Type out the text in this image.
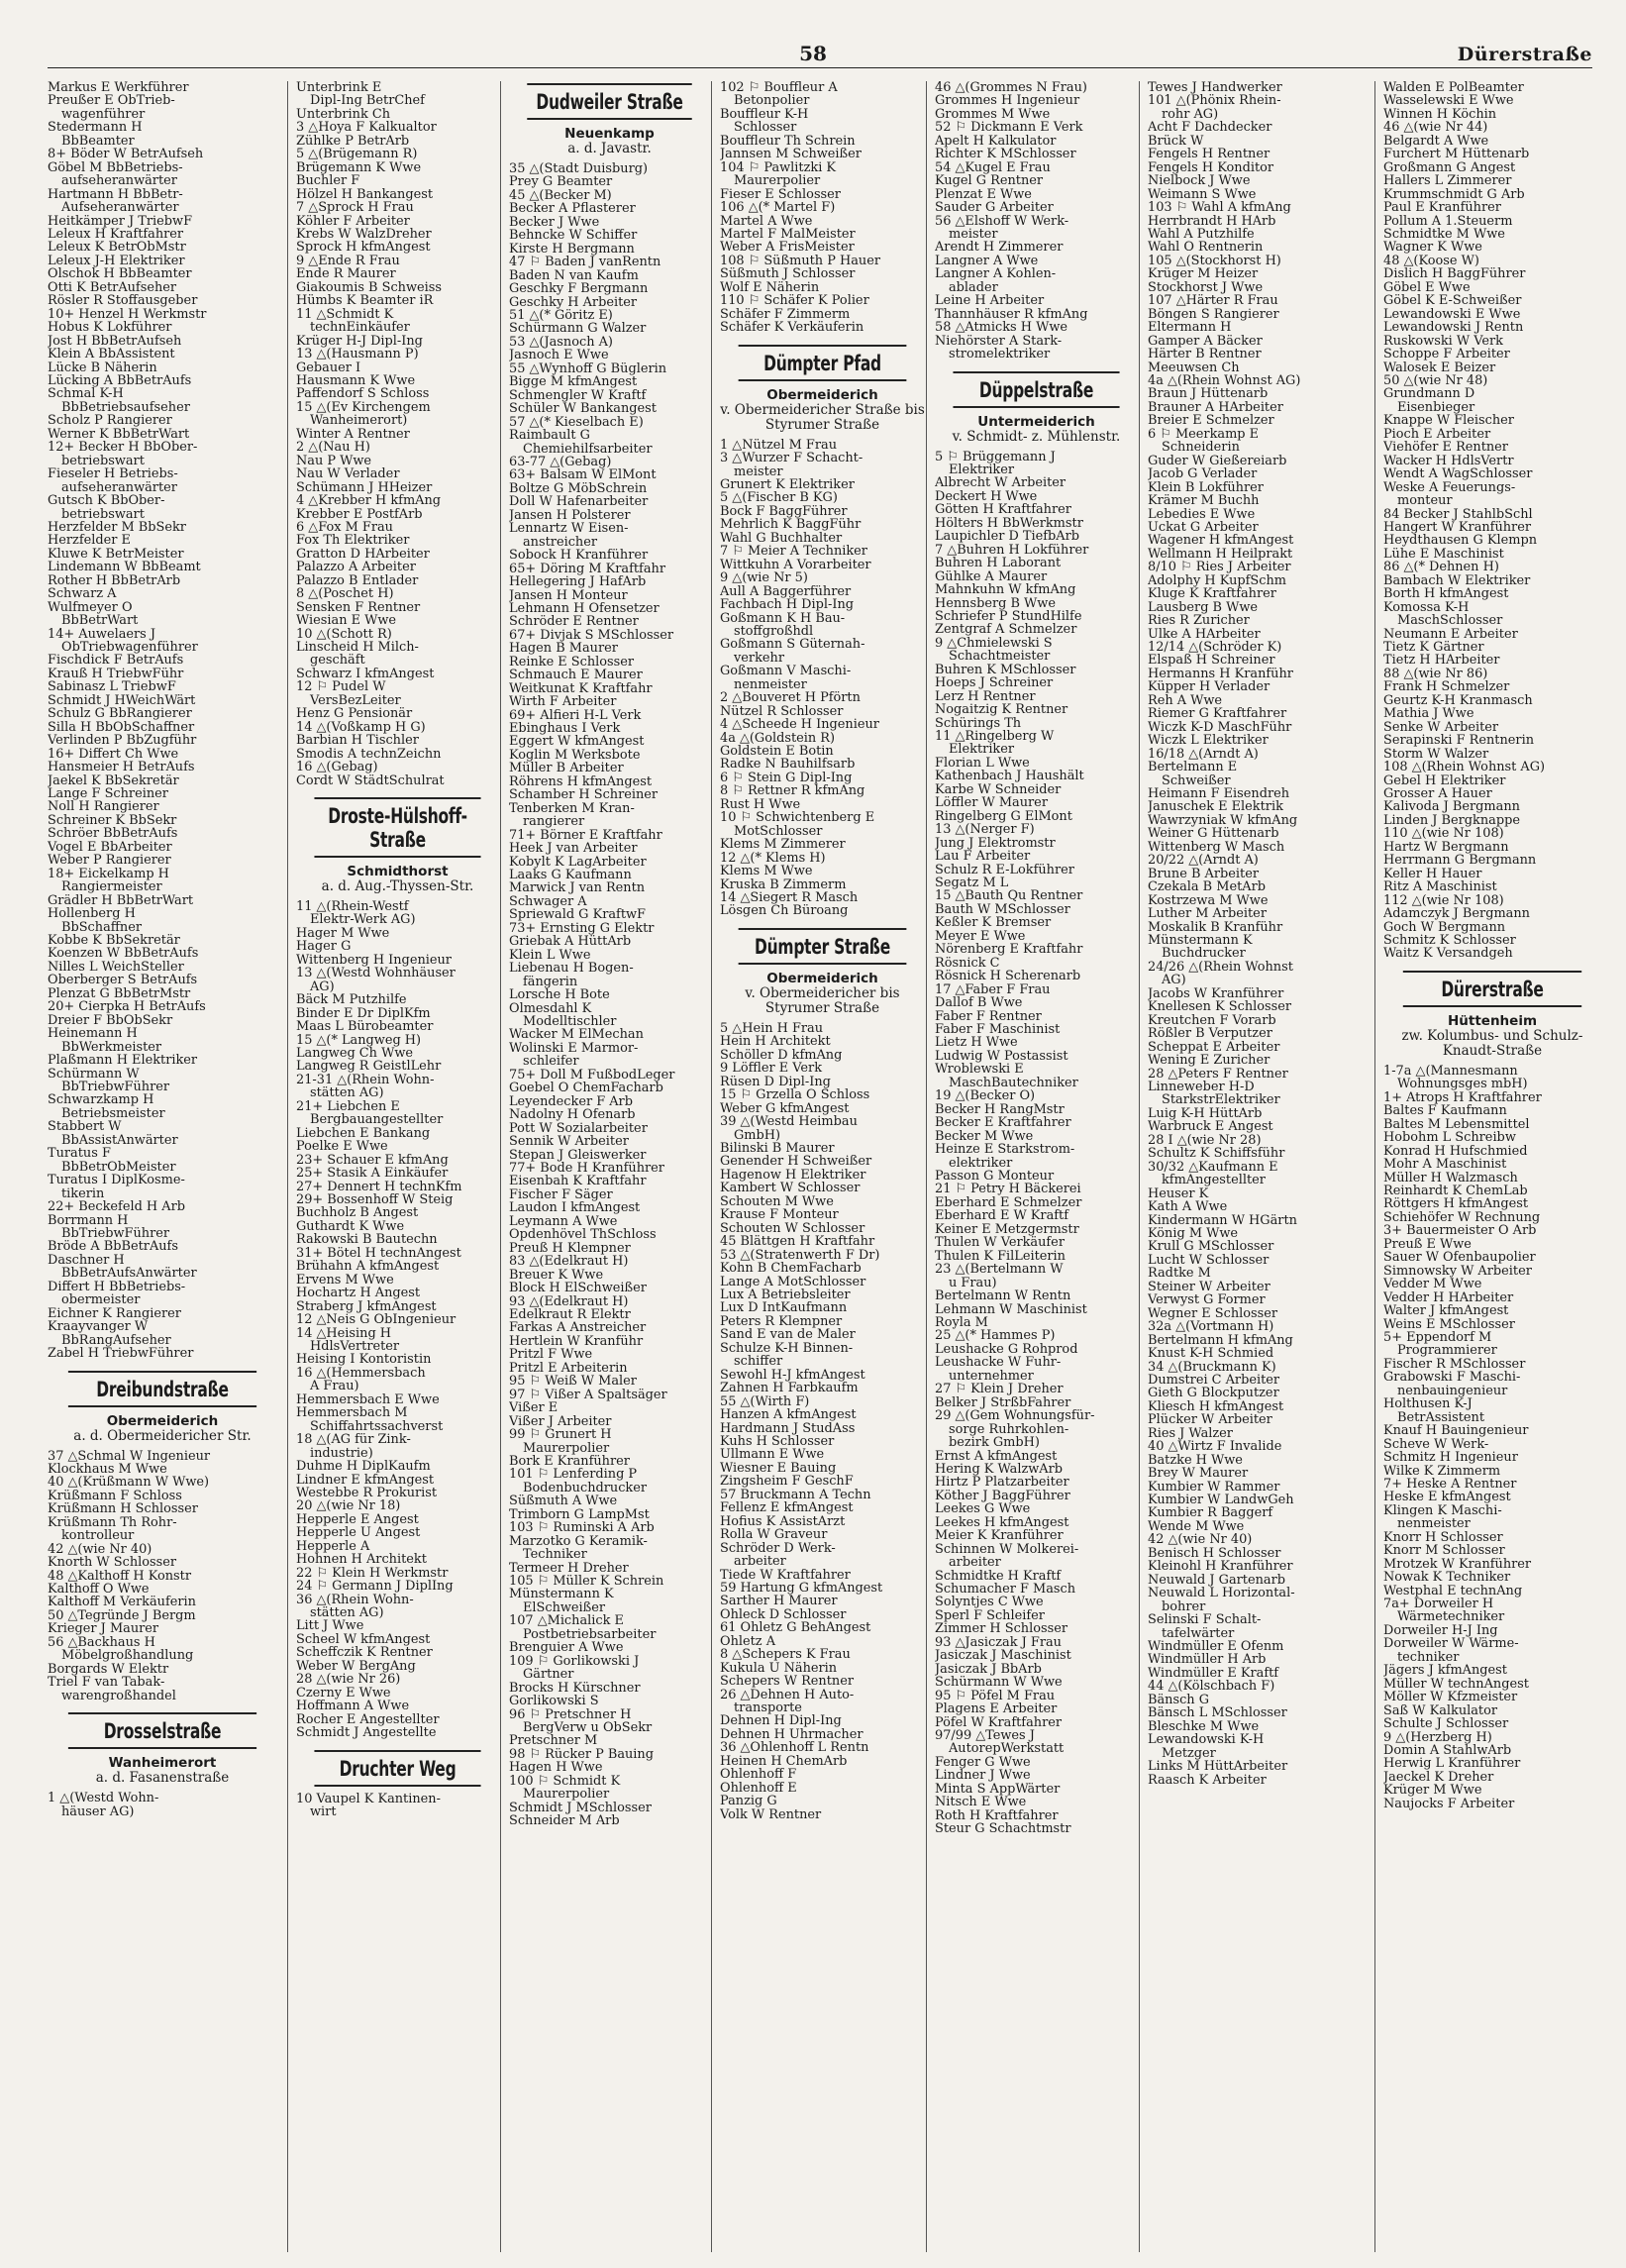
58	Dürerstraße
Markus E Werkführer
Preußer E ObTrieb-
wagenführer
Stedermann H
BbBeamter
8+ Böder W BetrAufseh
Göbel M BbBetriebs-
aufseheranwärter
Hartmann H BbBetr-
Aufseheranwärter
Heitkämper J TriebwF
Leleux H Kraftfahrer
Leleux K BetrObMstr
Leleux J-H Elektriker
Olschok H BbBeamter
Otti K BetrAufseher
Rösler R Stoffausgeber
10+ Henzel H Werkmstr
Hobus K Lokführer
Jost H BbBetrAufseh
Klein A BbAssistent
Lücke B Näherin
Lücking A BbBetrAufs
Schmal K-H
BbBetriebsaufseher
Scholz P Rangierer
Werner K BbBetrWart
12+ Becker H BbOber-
betriebswart
Fieseler H Betriebs-
aufseheranwärter
Gutsch K BbOber-
betriebswart
Herzfelder M BbSekr
Herzfelder E
Kluwe K BetrMeister
Lindemann W BbBeamt
Rother H BbBetrArb
Schwarz A
Wulfmeyer O
BbBetrWart
14+ Auwelaers J
ObTriebwagenführer
Fischdick F BetrAufs
Krauß H TriebwFühr
Sabinasz L TriebwF
Schmidt J HWeichWärt
Schulz G BbRangierer
Silla H BbObSchaffner
Verlinden P BbZugführ
16+ Differt Ch Wwe
Hansmeier H BetrAufs
Jaekel K BbSekretär
Lange F Schreiner
Noll H Rangierer
Schreiner K BbSekr
Schröer BbBetrAufs
Vogel E BbArbeiter
Weber P Rangierer
18+ Eickelkamp H
Rangiermeister
Grädler H BbBetrWart
Hollenberg H
BbSchaffner
Kobbe K BbSekretär
Koenzen W BbBetrAufs
Nilles L WeichSteller
Oberberger S BetrAufs
Plenzat G BbBetrMstr
20+ Cierpka H BetrAufs
Dreier F BbObSekr
Heinemann H
BbWerkmeister
Plaßmann H Elektriker
Schürmann W
BbTriebwFührer
Schwarzkamp H
Betriebsmeister
Stabbert W
BbAssistAnwärter
Turatus F
BbBetrObMeister
Turatus I DiplKosme-
tikerin
22+ Beckefeld H Arb
Borrmann H
BbTriebwFührer
Bröde A BbBetrAufs
Daschner H
BbBetrAufsAnwärter
Differt H BbBetriebs-
obermeister
Eichner K Rangierer
Kraayvanger W
BbRangAufseher
Zabel H TriebwFührer
Dreibundstraße
Obermeiderich
a. d. Obermeidericher Str.
37 △Schmal W Ingenieur
Klockhaus M Wwe
40 △(Krüßmann W Wwe)
Krüßmann F Schloss
Krüßmann H Schlosser
Krüßmann Th Rohr-
kontrolleur
42 △(wie Nr 40)
Knorth W Schlosser
48 △Kalthoff H Konstr
Kalthoff O Wwe
Kalthoff M Verkäuferin
50 △Tegründe J Bergm
Krieger J Maurer
56 △Backhaus H
Möbelgroßhandlung
Borgards W Elektr
Triel F van Tabak-
warengroßhandel
Drosselstraße
Wanheimerort
a. d. Fasanenstraße
1 △(Westd Wohn-
häuser AG)
Unterbrink E
Dipl-Ing BetrChef
Unterbrink Ch
3 △Hoya F Kalkualtor
Zühlke P BetrArb
5 △(Brügemann R)
Brügemann K Wwe
Buchler F
Hölzel H Bankangest
7 △Sprock H Frau
Köhler F Arbeiter
Krebs W WalzDreher
Sprock H kfmAngest
9 △Ende R Frau
Ende R Maurer
Giakoumis B Schweiss
Hümbs K Beamter iR
11 △Schmidt K
technEinkäufer
Krüger H-J Dipl-Ing
13 △(Hausmann P)
Gebauer I
Hausmann K Wwe
Paffendorf S Schloss
15 △(Ev Kirchengem
Wanheimerort)
Winter A Rentner
2 △(Nau H)
Nau P Wwe
Nau W Verlader
Schümann J HHeizer
4 △Krebber H kfmAng
Krebber E PostfArb
6 △Fox M Frau
Fox Th Elektriker
Gratton D HArbeiter
Palazzo A Arbeiter
Palazzo B Entlader
8 △(Poschet H)
Sensken F Rentner
Wiesian E Wwe
10 △(Schott R)
Linscheid H Milch-
geschäft
Schwarz I kfmAngest
12 ⚐ Pudel W
VersBezLeiter
Henz G Pensionär
14 △(Voßkamp H G)
Barbian H Tischler
Smodis A technZeichn
16 △(Gebag)
Cordt W StädtSchulrat
Droste-Hülshoff-Straße
Schmidthorst
a. d. Aug.-Thyssen-Str.
11 △(Rhein-Westf
Elektr-Werk AG)
Hager M Wwe
Hager G
Wittenberg H Ingenieur
13 △(Westd Wohnhäuser
AG)
Bäck M Putzhilfe
Binder E Dr DiplKfm
Maas L Bürobeamter
15 △(* Langweg H)
Langweg Ch Wwe
Langweg R GeistlLehr
21-31 △(Rhein Wohn-
stätten AG)
21+ Liebchen E
Bergbauangestellter
Liebchen E Bankang
Poelke E Wwe
23+ Schauer E kfmAng
25+ Stasik A Einkäufer
27+ Dennert H technKfm
29+ Bossenhoff W Steig
Buchholz B Angest
Guthardt K Wwe
Rakowski B Bautechn
31+ Bötel H technAngest
Brühahn A kfmAngest
Ervens M Wwe
Hochartz H Angest
Straberg J kfmAngest
12 △Neis G ObIngenieur
14 △Heising H
HdlsVertreter
Heising I Kontoristin
16 △(Hemmersbach
A Frau)
Hemmersbach E Wwe
Hemmersbach M
Schiffahrtssachverst
18 △(AG für Zink-
industrie)
Duhme H DiplKaufm
Lindner E kfmAngest
Westebbe R Prokurist
20 △(wie Nr 18)
Hepperle E Angest
Hepperle U Angest
Hepperle A
Hohnen H Architekt
22 ⚐ Klein H Werkmstr
24 ⚐ Germann J DiplIng
36 △(Rhein Wohn-
stätten AG)
Litt J Wwe
Scheel W kfmAngest
Scheffczik K Rentner
Weber W BergAng
28 △(wie Nr 26)
Czerny E Wwe
Hoffmann A Wwe
Rocher E Angestellter
Schmidt J Angestellte
Druchter Weg
10 Vaupel K Kantinen-
wirt
Dudweiler Straße
Neuenkamp
a. d. Javastr.
35 △(Stadt Duisburg)
Prey G Beamter
45 △(Becker M)
Becker A Pflasterer
Becker J Wwe
Behncke W Schiffer
Kirste H Bergmann
47 ⚐ Baden J vanRentn
Baden N van Kaufm
Geschky F Bergmann
Geschky H Arbeiter
51 △(* Göritz E)
Schürmann G Walzer
53 △(Jasnoch A)
Jasnoch E Wwe
55 △Wynhoff G Büglerin
Bigge M kfmAngest
Schmengler W Kraftf
Schüler W Bankangest
57 △(* Kieselbach E)
Raimbault G
Chemiehilfsarbeiter
63-77 △(Gebag)
63+ Balsam W ElMont
Boltze G MöbSchrein
Doll W Hafenarbeiter
Jansen H Polsterer
Lennartz W Eisen-
anstreicher
Sobock H Kranführer
65+ Döring M Kraftfahr
Hellegering J HafArb
Jansen H Monteur
Lehmann H Ofensetzer
Schröder E Rentner
67+ Divjak S MSchlosser
Hagen B Maurer
Reinke E Schlosser
Schmauch E Maurer
Weitkunat K Kraftfahr
Wirth F Arbeiter
69+ Alfieri H-L Verk
Ebinghaus I Verk
Eggert W kfmAngest
Koglin M Werksbote
Müller B Arbeiter
Röhrens H kfmAngest
Schamber H Schreiner
Tenberken M Kran-
rangierer
71+ Börner E Kraftfahr
Heek J van Arbeiter
Kobylt K LagArbeiter
Laaks G Kaufmann
Marwick J van Rentn
Schwager A
Spriewald G KraftwF
73+ Ernsting G Elektr
Griebak A HüttArb
Klein L Wwe
Liebenau H Bogen-
fängerin
Lorsche H Bote
Olmesdahl K
Modelltischler
Wacker M ElMechan
Wolinski E Marmor-
schleifer
75+ Doll M FußbodLeger
Goebel O ChemFacharb
Leyendecker F Arb
Nadolny H Ofenarb
Pott W Sozialarbeiter
Sennik W Arbeiter
Stepan J Gleiswerker
77+ Bode H Kranführer
Eisenbah K Kraftfahr
Fischer F Säger
Laudon I kfmAngest
Leymann A Wwe
Opdenhövel ThSchloss
Preuß H Klempner
83 △(Edelkraut H)
Breuer K Wwe
Block H ElSchweißer
93 △(Edelkraut H)
Edelkraut R Elektr
Farkas A Anstreicher
Hertlein W Kranführ
Pritzl F Wwe
Pritzl E Arbeiterin
95 ⚐ Weiß W Maler
97 ⚐ Vißer A Spaltsäger
Vißer E
Vißer J Arbeiter
99 ⚐ Grunert H
Maurerpolier
Bork E Kranführer
101 ⚐ Lenferding P
Bodenbuchdrucker
Süßmuth A Wwe
Trimborn G LampMst
103 ⚐ Ruminski A Arb
Marzotko G Keramik-
Techniker
Termeer H Dreher
105 ⚐ Müller K Schrein
Münstermann K
ElSchweißer
107 △Michalick E
Postbetriebsarbeiter
Brenguier A Wwe
109 ⚐ Gorlikowski J
Gärtner
Brocks H Kürschner
Gorlikowski S
96 ⚐ Pretschner H
BergVerw u ObSekr
Pretschner M
98 ⚐ Rücker P Bauing
Hagen H Wwe
100 ⚐ Schmidt K
Maurerpolier
Schmidt J MSchlosser
Schneider M Arb
102 ⚐ Bouffleur A
Betonpolier
Bouffleur K-H
Schlosser
Bouffleur Th Schrein
Jannsen M Schweißer
104 ⚐ Pawlitzki K
Maurerpolier
Fieser E Schlosser
106 △(* Martel F)
Martel A Wwe
Martel F MalMeister
Weber A FrisMeister
108 ⚐ Süßmuth P Hauer
Süßmuth J Schlosser
Wolf E Näherin
110 ⚐ Schäfer K Polier
Schäfer F Zimmerm
Schäfer K Verkäuferin
Dümpter Pfad
Obermeiderich
v. Obermeidericher Straße bis Styrumer Straße
1 △Nützel M Frau
3 △Wurzer F Schacht-
meister
Grunert K Elektriker
5 △(Fischer B KG)
Bock F BaggFührer
Mehrlich K BaggFühr
Wahl G Buchhalter
7 ⚐ Meier A Techniker
Wittkuhn A Vorarbeiter
9 △(wie Nr 5)
Aull A Baggerführer
Fachbach H Dipl-Ing
Goßmann K H Bau-
stoffgroßhdl
Goßmann S Güternah-
verkehr
Goßmann V Maschi-
nenmeister
2 △Bouveret H Pförtn
Nützel R Schlosser
4 △Scheede H Ingenieur
4a △(Goldstein R)
Goldstein E Botin
Radke N Bauhilfsarb
6 ⚐ Stein G Dipl-Ing
8 ⚐ Rettner R kfmAng
Rust H Wwe
10 ⚐ Schwichtenberg E
MotSchlosser
Klems M Zimmerer
12 △(* Klems H)
Klems M Wwe
Kruska B Zimmerm
14 △Siegert R Masch
Lösgen Ch Büroang
Dümpter Straße
Obermeiderich
v. Obermeidericher bis Styrumer Straße
5 △Hein H Frau
Hein H Architekt
Schöller D kfmAng
9 Löffler E Verk
Rüsen D Dipl-Ing
15 ⚐ Grzella O Schloss
Weber G kfmAngest
39 △(Westd Heimbau
GmbH)
Bilinski B Maurer
Genender H Schweißer
Hagenow H Elektriker
Kambert W Schlosser
Schouten M Wwe
Krause F Monteur
Schouten W Schlosser
45 Blättgen H Kraftfahr
53 △(Stratenwerth F Dr)
Kohn B ChemFacharb
Lange A MotSchlosser
Lux A Betriebsleiter
Lux D IntKaufmann
Peters R Klempner
Sand E van de Maler
Schulze K-H Binnen-
schiffer
Sewohl H-J kfmAngest
Zahnen H Farbkaufm
55 △(Wirth F)
Hanzen A kfmAngest
Hardmann J StudAss
Kuhs H Schlosser
Ullmann E Wwe
Wiesner E Bauing
Zingsheim F GeschF
57 Bruckmann A Techn
Fellenz E kfmAngest
Hofius K AssistArzt
Rolla W Graveur
Schröder D Werk-
arbeiter
Tiede W Kraftfahrer
59 Hartung G kfmAngest
Sarther H Maurer
Ohleck D Schlosser
61 Ohletz G BehAngest
Ohletz A
8 △Schepers K Frau
Kukula U Näherin
Schepers W Rentner
26 △Dehnen H Auto-
transporte
Dehnen H Dipl-Ing
Dehnen H Uhrmacher
36 △Ohlenhoff L Rentn
Heinen H ChemArb
Ohlenhoff F
Ohlenhoff E
Panzig G
Volk W Rentner
46 △(Grommes N Frau)
Grommes H Ingenieur
Grommes M Wwe
52 ⚐ Dickmann E Verk
Apelt H Kalkulator
Richter K MSchlosser
54 △Kugel E Frau
Kugel G Rentner
Plenzat E Wwe
Sauder G Arbeiter
56 △Elshoff W Werk-
meister
Arendt H Zimmerer
Langner A Wwe
Langner A Kohlen-
ablader
Leine H Arbeiter
Thannhäuser R kfmAng
58 △Atmicks H Wwe
Niehörster A Stark-
stromelektriker
Düppelstraße
Untermeiderich
v. Schmidt- z. Mühlenstr.
5 ⚐ Brüggemann J
Elektriker
Albrecht W Arbeiter
Deckert H Wwe
Götten H Kraftfahrer
Hölters H BbWerkmstr
Laupichler D TiefbArb
7 △Buhren H Lokführer
Buhren H Laborant
Gühlke A Maurer
Mahnkuhn W kfmAng
Hennsberg B Wwe
Schriefer P StundHilfe
Zentgraf A Schmelzer
9 △Chmielewski S
Schachtmeister
Buhren K MSchlosser
Hoeps J Schreiner
Lerz H Rentner
Nogaitzig K Rentner
Schürings Th
11 △Ringelberg W
Elektriker
Florian L Wwe
Kathenbach J Haushält
Karbe W Schneider
Löffler W Maurer
Ringelberg G ElMont
13 △(Nerger F)
Jung J Elektromstr
Lau F Arbeiter
Schulz R E-Lokführer
Segatz M L
15 △Bauth Qu Rentner
Bauth W MSchlosser
Keßler K Bremser
Meyer E Wwe
Nörenberg E Kraftfahr
Rösnick C
Rösnick H Scherenarb
17 △Faber F Frau
Dallof B Wwe
Faber F Rentner
Faber F Maschinist
Lietz H Wwe
Ludwig W Postassist
Wroblewski E
MaschBautechniker
19 △(Becker O)
Becker H RangMstr
Becker E Kraftfahrer
Becker M Wwe
Heinze E Starkstrom-
elektriker
Passon G Monteur
21 ⚐ Petry H Bäckerei
Eberhard E Schmelzer
Eberhard E W Kraftf
Keiner E Metzgermstr
Thulen W Verkäufer
Thulen K FilLeiterin
23 △(Bertelmann W
u Frau)
Bertelmann W Rentn
Lehmann W Maschinist
Royla M
25 △(* Hammes P)
Leushacke G Rohprod
Leushacke W Fuhr-
unternehmer
27 ⚐ Klein J Dreher
Belker J StrßbFahrer
29 △(Gem Wohnungsfür-
sorge Ruhrkohlen-
bezirk GmbH)
Ernst A kfmAngest
Hering K WalzwArb
Hirtz P Platzarbeiter
Köther J BaggFührer
Leekes G Wwe
Leekes H kfmAngest
Meier K Kranführer
Schinnen W Molkerei-
arbeiter
Schmidtke H Kraftf
Schumacher F Masch
Solyntjes C Wwe
Sperl F Schleifer
Zimmer H Schlosser
93 △Jasiczak J Frau
Jasiczak J Maschinist
Jasiczak J BbArb
Schürmann W Wwe
95 ⚐ Pöfel M Frau
Plagens E Arbeiter
Pöfel W Kraftfahrer
97/99 △Tewes J
AutorepWerkstatt
Fenger G Wwe
Lindner J Wwe
Minta S AppWärter
Nitsch E Wwe
Roth H Kraftfahrer
Steur G Schachtmstr
Tewes J Handwerker
101 △(Phönix Rhein-
rohr AG)
Acht F Dachdecker
Brück W
Fengels H Rentner
Fengels H Konditor
Nielbock J Wwe
Weimann S Wwe
103 ⚐ Wahl A kfmAng
Herrbrandt H HArb
Wahl A Putzhilfe
Wahl O Rentnerin
105 △(Stockhorst H)
Krüger M Heizer
Stockhorst J Wwe
107 △Härter R Frau
Böngen S Rangierer
Eltermann H
Gamper A Bäcker
Härter B Rentner
Meeuwsen Ch
4a △(Rhein Wohnst AG)
Braun J Hüttenarb
Brauner A HArbeiter
Breier E Schmelzer
6 ⚐ Meerkamp E
Schneiderin
Guder W Gießereiarb
Jacob G Verlader
Klein B Lokführer
Krämer M Buchh
Lebedies E Wwe
Uckat G Arbeiter
Wagener H kfmAngest
Wellmann H Heilprakt
8/10 ⚐ Ries J Arbeiter
Adolphy H KupfSchm
Kluge K Kraftfahrer
Lausberg B Wwe
Ries R Zuricher
Ulke A HArbeiter
12/14 △(Schröder K)
Elspaß H Schreiner
Hermanns H Kranführ
Küpper H Verlader
Reh A Wwe
Riemer G Kraftfahrer
Wiczk K-D MaschFühr
Wiczk L Elektriker
16/18 △(Arndt A)
Bertelmann E
Schweißer
Heimann F Eisendreh
Januschek E Elektrik
Wawrzyniak W kfmAng
Weiner G Hüttenarb
Wittenberg W Masch
20/22 △(Arndt A)
Brune B Arbeiter
Czekala B MetArb
Kostrzewa M Wwe
Luther M Arbeiter
Moskalik B Kranführ
Münstermann K
Buchdrucker
24/26 △(Rhein Wohnst
AG)
Jacobs W Kranführer
Knellesen K Schlosser
Kreutchen F Vorarb
Rößler B Verputzer
Scheppat E Arbeiter
Wening E Zuricher
28 △Peters F Rentner
Linneweber H-D
StarkstrElektriker
Luig K-H HüttArb
Warbruck E Angest
28 I △(wie Nr 28)
Schultz K Schiffsführ
30/32 △Kaufmann E
kfmAngestellter
Heuser K
Kath A Wwe
Kindermann W HGärtn
König M Wwe
Krull G MSchlosser
Lucht W Schlosser
Radtke M
Steiner W Arbeiter
Verwyst G Former
Wegner E Schlosser
32a △(Vortmann H)
Bertelmann H kfmAng
Knust K-H Schmied
34 △(Bruckmann K)
Dumstrei C Arbeiter
Gieth G Blockputzer
Kliesch H kfmAngest
Plücker W Arbeiter
Ries J Walzer
40 △Wirtz F Invalide
Batzke H Wwe
Brey W Maurer
Kumbier W Rammer
Kumbier W LandwGeh
Kumbier R Baggerf
Wende M Wwe
42 △(wie Nr 40)
Benisch H Schlosser
Kleinohl H Kranführer
Neuwald J Gartenarb
Neuwald L Horizontal-
bohrer
Selinski F Schalt-
tafelwärter
Windmüller E Ofenm
Windmüller H Arb
Windmüller E Kraftf
44 △(Kölschbach F)
Bänsch G
Bänsch L MSchlosser
Bleschke M Wwe
Lewandowski K-H
Metzger
Links M HüttArbeiter
Raasch K Arbeiter
Walden E PolBeamter
Wasselewski E Wwe
Winnen H Köchin
46 △(wie Nr 44)
Belgardt A Wwe
Furchert M Hüttenarb
Großmann G Angest
Hallers L Zimmerer
Krummschmidt G Arb
Paul E Kranführer
Pollum A 1.Steuerm
Schmidtke M Wwe
Wagner K Wwe
48 △(Koose W)
Dislich H BaggFührer
Göbel E Wwe
Göbel K E-Schweißer
Lewandowski E Wwe
Lewandowski J Rentn
Ruskowski W Verk
Schoppe F Arbeiter
Walosek E Beizer
50 △(wie Nr 48)
Grundmann D
Eisenbieger
Knappe W Fleischer
Pioch E Arbeiter
Viehöfer E Rentner
Wacker H HdlsVertr
Wendt A WagSchlosser
Weske A Feuerungs-
monteur
84 Becker J StahlbSchl
Hangert W Kranführer
Heydthausen G Klempn
Lühe E Maschinist
86 △(* Dehnen H)
Bambach W Elektriker
Borth H kfmAngest
Komossa K-H
MaschSchlosser
Neumann E Arbeiter
Tietz K Gärtner
Tietz H HArbeiter
88 △(wie Nr 86)
Frank H Schmelzer
Geurtz K-H Kranmasch
Mathia J Wwe
Senke W Arbeiter
Serapinski F Rentnerin
Storm W Walzer
108 △(Rhein Wohnst AG)
Gebel H Elektriker
Grosser A Hauer
Kalivoda J Bergmann
Linden J Bergknappe
110 △(wie Nr 108)
Hartz W Bergmann
Herrmann G Bergmann
Keller H Hauer
Ritz A Maschinist
112 △(wie Nr 108)
Adamczyk J Bergmann
Goch W Bergmann
Schmitz K Schlosser
Waitz K Versandgeh
Dürerstraße
Hüttenheim
zw. Kolumbus- und Schulz-Knaudt-Straße
1-7a △(Mannesmann
Wohnungsges mbH)
1+ Atrops H Kraftfahrer
Baltes F Kaufmann
Baltes M Lebensmittel
Hobohm L Schreibw
Konrad H Hufschmied
Mohr A Maschinist
Müller H Walzmasch
Reinhardt K ChemLab
Röttgers H kfmAngest
Schiehöfer W Rechnung
3+ Bauermeister O Arb
Preuß E Wwe
Sauer W Ofenbaupolier
Simnowsky W Arbeiter
Vedder M Wwe
Vedder H HArbeiter
Walter J kfmAngest
Weins E MSchlosser
5+ Eppendorf M
Programmierer
Fischer R MSchlosser
Grabowski F Maschi-
nenbauingenieur
Holthusen K-J
BetrAssistent
Knauf H Bauingenieur
Scheve W Werk-
Schmitz H Ingenieur
Wilke K Zimmerm
7+ Heske A Rentner
Heske E kfmAngest
Klingen K Maschi-
nenmeister
Knorr H Schlosser
Knorr M Schlosser
Mrotzek W Kranführer
Nowak K Techniker
Westphal E technAng
7a+ Dorweiler H
Wärmetechniker
Dorweiler H-J Ing
Dorweiler W Wärme-
techniker
Jägers J kfmAngest
Müller W technAngest
Möller W Kfzmeister
Saß W Kalkulator
Schulte J Schlosser
9 △(Herzberg H)
Domin A StahlwArb
Herwig L Kranführer
Jaeckel K Dreher
Krüger M Wwe
Naujocks F Arbeiter
